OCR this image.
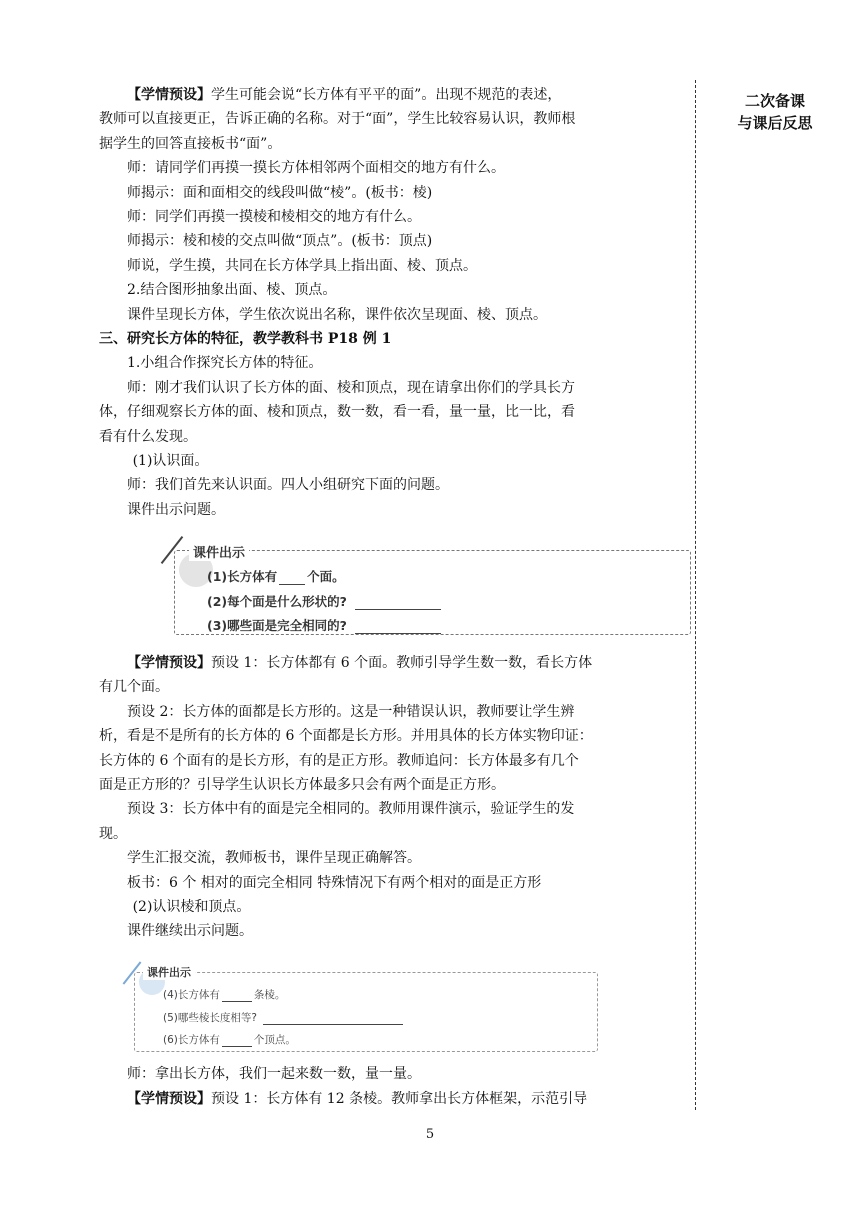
【学情预设】学生可能会说“长方体有平平的面”。出现不规范的表述，
教师可以直接更正，告诉正确的名称。对于“面”，学生比较容易认识，教师根
据学生的回答直接板书“面”。
师：请同学们再摸一摸长方体相邻两个面相交的地方有什么。
师揭示：面和面相交的线段叫做“棱”。(板书：棱)
师：同学们再摸一摸棱和棱相交的地方有什么。
师揭示：棱和棱的交点叫做“顶点”。(板书：顶点)
师说，学生摸，共同在长方体学具上指出面、棱、顶点。
2.结合图形抽象出面、棱、顶点。
课件呈现长方体，学生依次说出名称，课件依次呈现面、棱、顶点。
三、研究长方体的特征，教学教科书 P18 例 1
1.小组合作探究长方体的特征。
师：刚才我们认识了长方体的面、棱和顶点，现在请拿出你们的学具长方
体，仔细观察长方体的面、棱和顶点，数一数，看一看，量一量，比一比，看
看有什么发现。
(1)认识面。
师：我们首先来认识面。四人小组研究下面的问题。
课件出示问题。
【学情预设】预设 1：长方体都有 6 个面。教师引导学生数一数，看长方体
有几个面。
预设 2：长方体的面都是长方形的。这是一种错误认识，教师要让学生辨
析，看是不是所有的长方体的 6 个面都是长方形。并用具体的长方体实物印证：
长方体的 6 个面有的是长方形，有的是正方形。教师追问：长方体最多有几个
面是正方形的？引导学生认识长方体最多只会有两个面是正方形。
预设 3：长方体中有的面是完全相同的。教师用课件演示，验证学生的发
现。
学生汇报交流，教师板书，课件呈现正确解答。
板书：6 个 相对的面完全相同 特殊情况下有两个相对的面是正方形
(2)认识棱和顶点。
课件继续出示问题。
师：拿出长方体，我们一起来数一数，量一量。
【学情预设】预设 1：长方体有 12 条棱。教师拿出长方体框架，示范引导
二次备课
与课后反思
课件出示
(1)长方体有 个面。
(2)每个面是什么形状的?
(3)哪些面是完全相同的?
课件出示
(4)长方体有	条棱。
(5)哪些棱长度相等?
(6)长方体有	个顶点。
5
